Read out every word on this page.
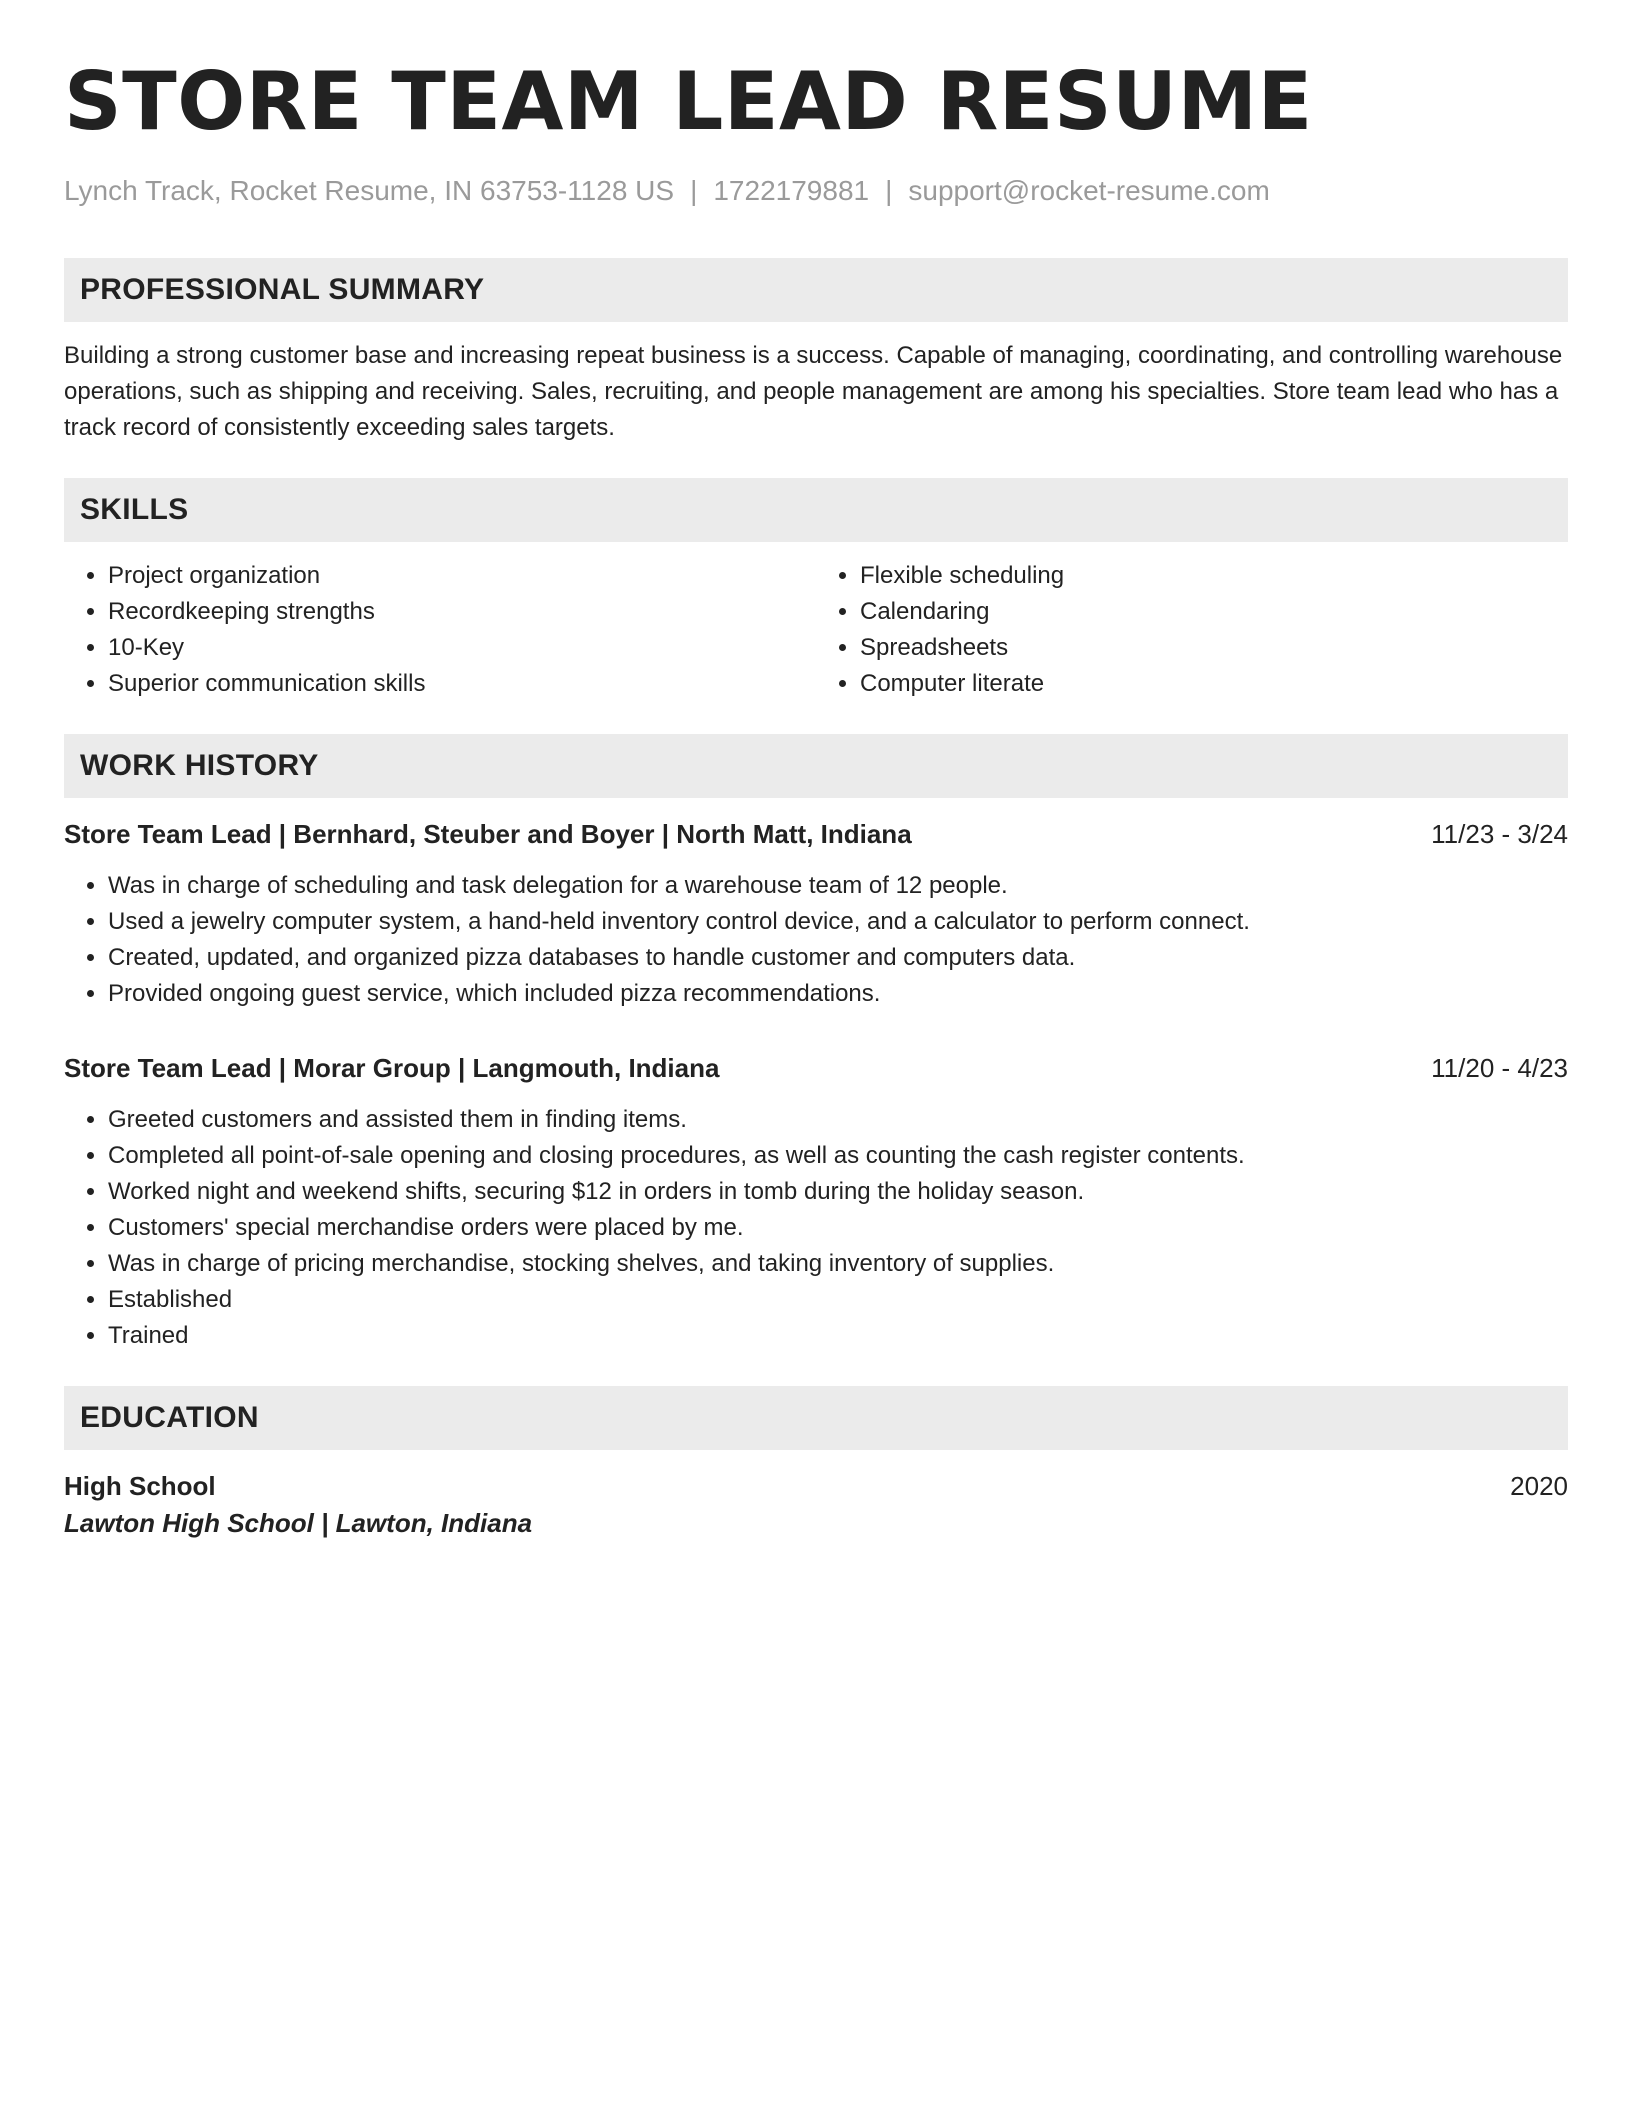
STORE TEAM LEAD RESUME
Lynch Track, Rocket Resume, IN 63753-1128 US | 1722179881 | support@rocket-resume.com
PROFESSIONAL SUMMARY

Building a strong customer base and increasing repeat business is a success. Capable of managing, coordinating, and controlling warehouse operations, such as shipping and receiving. Sales, recruiting, and people management are among his specialties. Store team lead who has a track record of consistently exceeding sales targets.

SKILLS
• Project organization
• Recordkeeping strengths
• 10-Key
• Superior communication skills
• Flexible scheduling
• Calendaring
• Spreadsheets
• Computer literate
WORK HISTORY
Store Team Lead | Bernhard, Steuber and Boyer | North Matt, Indiana	11/23 - 3/24
• Was in charge of scheduling and task delegation for a warehouse team of 12 people.
• Used a jewelry computer system, a hand-held inventory control device, and a calculator to perform connect.
• Created, updated, and organized pizza databases to handle customer and computers data.
• Provided ongoing guest service, which included pizza recommendations.
Store Team Lead | Morar Group | Langmouth, Indiana	11/20 - 4/23
• Greeted customers and assisted them in finding items.
• Completed all point-of-sale opening and closing procedures, as well as counting the cash register contents.
• Worked night and weekend shifts, securing $12 in orders in tomb during the holiday season.
• Customers' special merchandise orders were placed by me.
• Was in charge of pricing merchandise, stocking shelves, and taking inventory of supplies.
• Established
• Trained
EDUCATION
High School	2020
Lawton High School | Lawton, Indiana
